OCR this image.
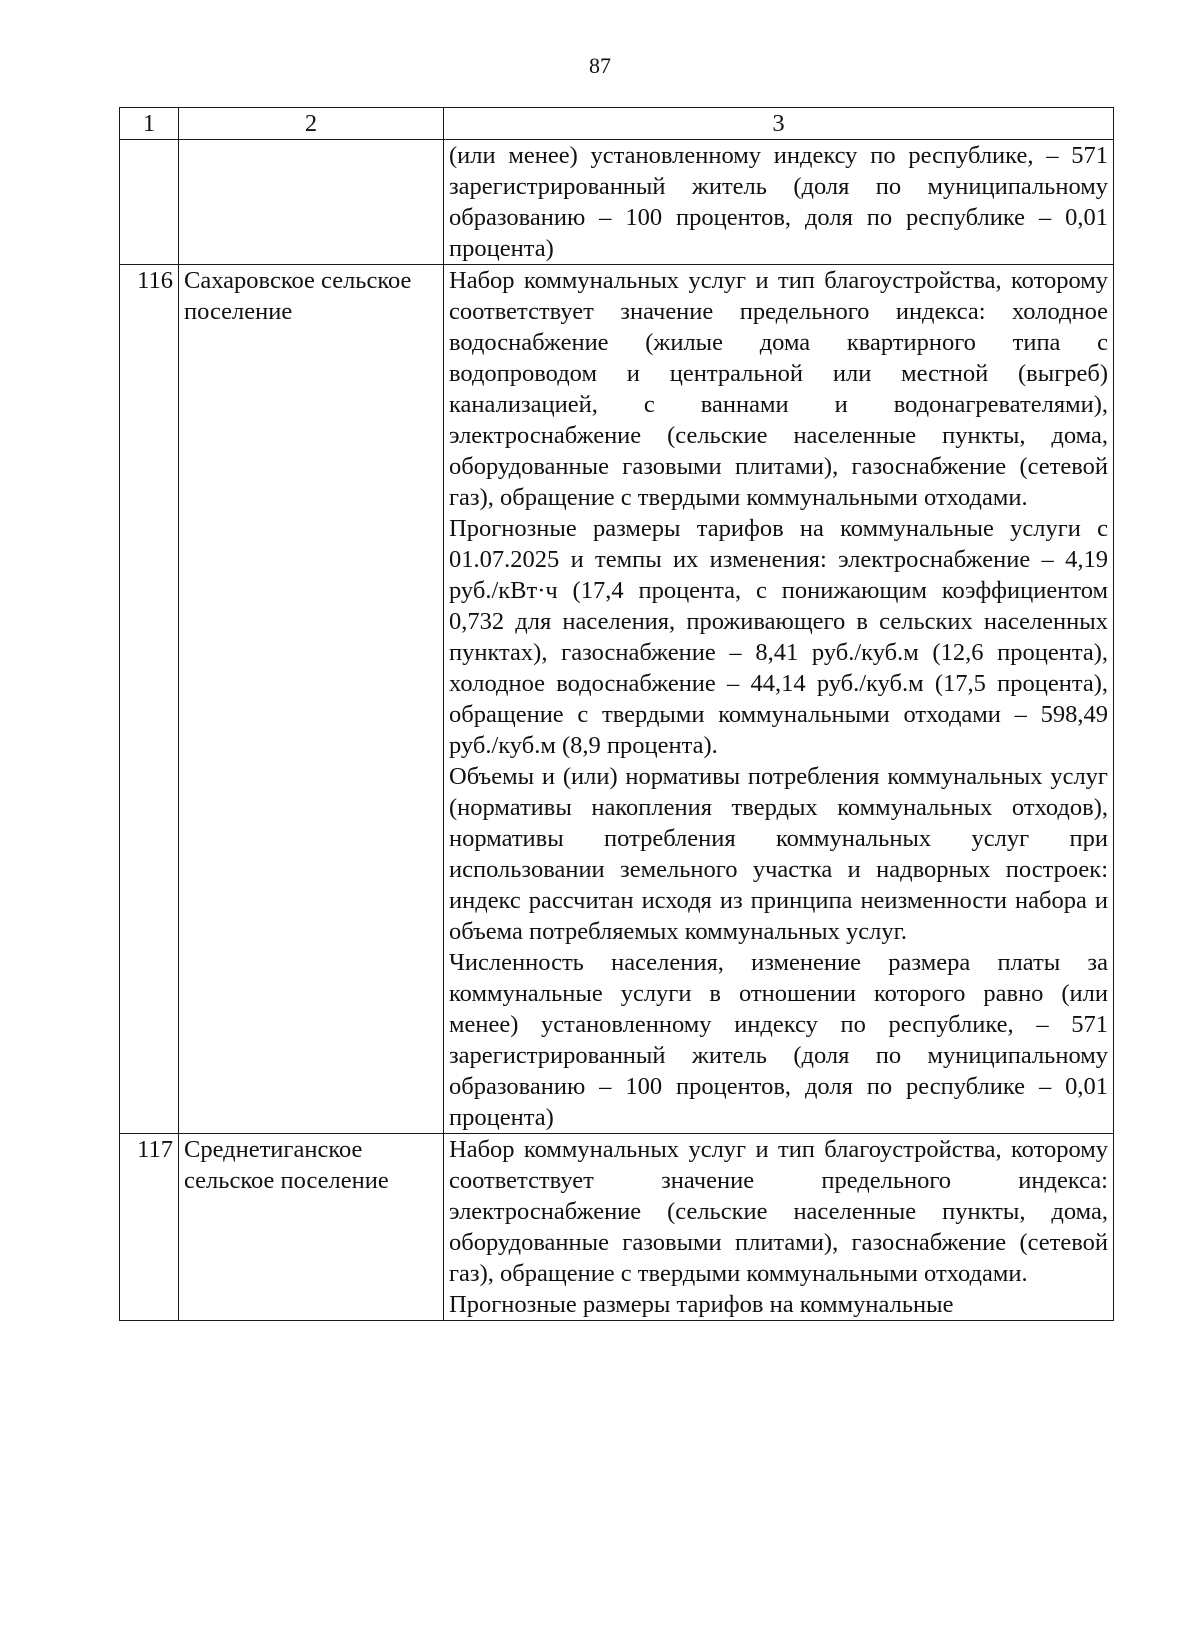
87
1	2	3

		(или менее) установленному индексу по республике, – 571 зарегистрированный житель (доля по муниципальному образованию – 100 процентов, доля по республике – 0,01 процента)

116	Сахаровское сельское поселение	Набор коммунальных услуг и тип благоустройства, которому соответствует значение предельного индекса: холодное водоснабжение (жилые дома квартирного типа с водопроводом и центральной или местной (выгреб) канализацией, с ваннами и водонагревателями), электроснабжение (сельские населенные пункты, дома, оборудованные газовыми плитами), газоснабжение (сетевой газ), обращение с твердыми коммунальными отходами.

Прогнозные размеры тарифов на коммунальные услуги с 01.07.2025 и темпы их изменения: электроснабжение – 4,19 руб./кВт·ч (17,4 процента, с понижающим коэффициентом 0,732 для населения, проживающего в сельских населенных пунктах), газоснабжение – 8,41 руб./куб.м (12,6 процента), холодное водоснабжение – 44,14 руб./куб.м (17,5 процента), обращение с твердыми коммунальными отходами – 598,49 руб./куб.м (8,9 процента).

Объемы и (или) нормативы потребления коммунальных услуг (нормативы накопления твердых коммунальных отходов), нормативы потребления коммунальных услуг при использовании земельного участка и надворных построек: индекс рассчитан исходя из принципа неизменности набора и объема потребляемых коммунальных услуг.

Численность населения, изменение размера платы за коммунальные услуги в отношении которого равно (или менее) установленному индексу по республике, – 571 зарегистрированный житель (доля по муниципальному образованию – 100 процентов, доля по республике – 0,01 процента)

117	Среднетиганское сельское поселение	Набор коммунальных услуг и тип благоустройства, которому соответствует значение предельного индекса: электроснабжение (сельские населенные пункты, дома, оборудованные газовыми плитами), газоснабжение (сетевой газ), обращение с твердыми коммунальными отходами.

Прогнозные размеры тарифов на коммунальные
